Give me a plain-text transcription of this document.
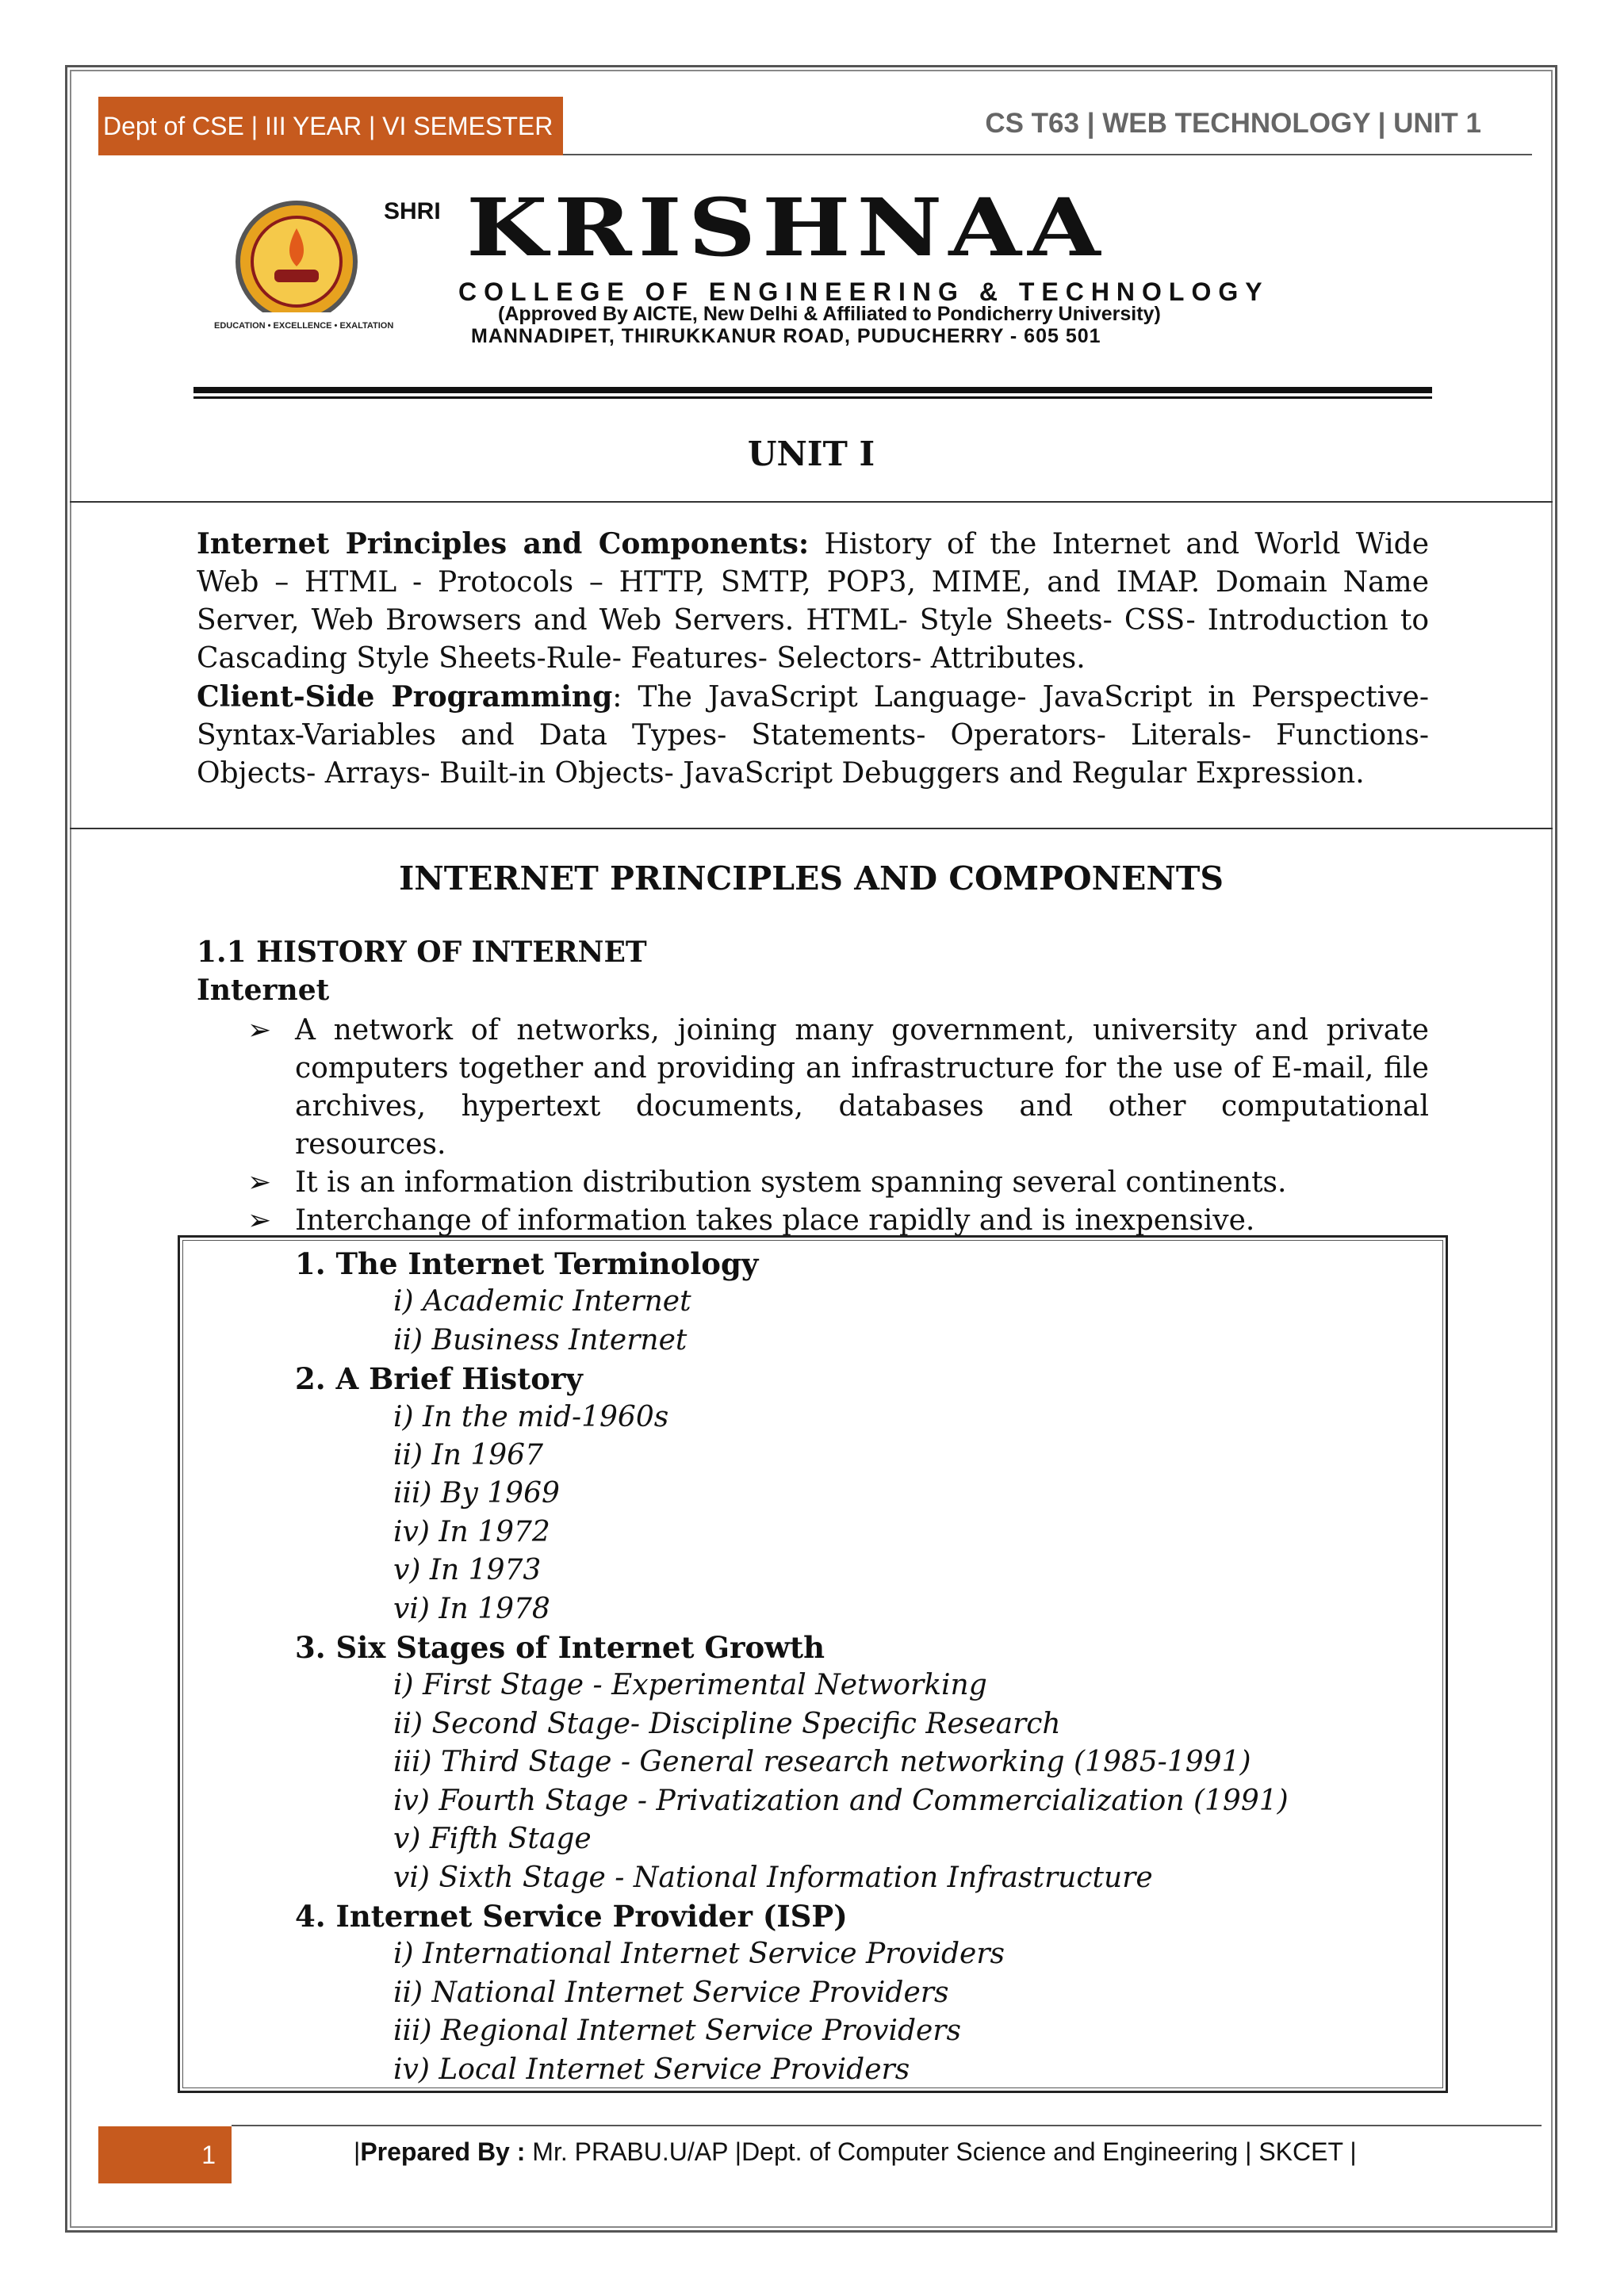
Dept of CSE | III YEAR | VI SEMESTER	CS T63 | WEB TECHNOLOGY | UNIT 1
EDUCATION • EXCELLENCE • EXALTATION
SHRI KRISHNAA
COLLEGE OF ENGINEERING & TECHNOLOGY
(Approved By AICTE, New Delhi & Affiliated to Pondicherry University)
MANNADIPET, THIRUKKANUR ROAD, PUDUCHERRY - 605 501
UNIT I

Internet Principles and Components: History of the Internet and World Wide Web – HTML - Protocols – HTTP, SMTP, POP3, MIME, and IMAP. Domain Name Server, Web Browsers and Web Servers. HTML- Style Sheets- CSS- Introduction to Cascading Style Sheets-Rule- Features- Selectors- Attributes.

Client-Side Programming: The JavaScript Language- JavaScript in Perspective-Syntax-Variables and Data Types- Statements- Operators- Literals- Functions- Objects- Arrays- Built-in Objects- JavaScript Debuggers and Regular Expression.

INTERNET PRINCIPLES AND COMPONENTS
1.1 HISTORY OF INTERNET
Internet
➢ A network of networks, joining many government, university and private computers together and providing an infrastructure for the use of E-mail, file archives, hypertext documents, databases and other computational resources.
➢ It is an information distribution system spanning several continents.
➢ Interchange of information takes place rapidly and is inexpensive.
1. The Internet Terminology
i) Academic Internet
ii) Business Internet
2. A Brief History
i) In the mid-1960s
ii) In 1967
iii) By 1969
iv) In 1972
v) In 1973
vi) In 1978
3. Six Stages of Internet Growth
i) First Stage - Experimental Networking
ii) Second Stage- Discipline Specific Research
iii) Third Stage - General research networking (1985-1991)
iv) Fourth Stage - Privatization and Commercialization (1991)
v) Fifth Stage
vi) Sixth Stage - National Information Infrastructure
4. Internet Service Provider (ISP)
i) International Internet Service Providers
ii) National Internet Service Providers
iii) Regional Internet Service Providers
iv) Local Internet Service Providers
1	|Prepared By : Mr. PRABU.U/AP |Dept. of Computer Science and Engineering | SKCET |
